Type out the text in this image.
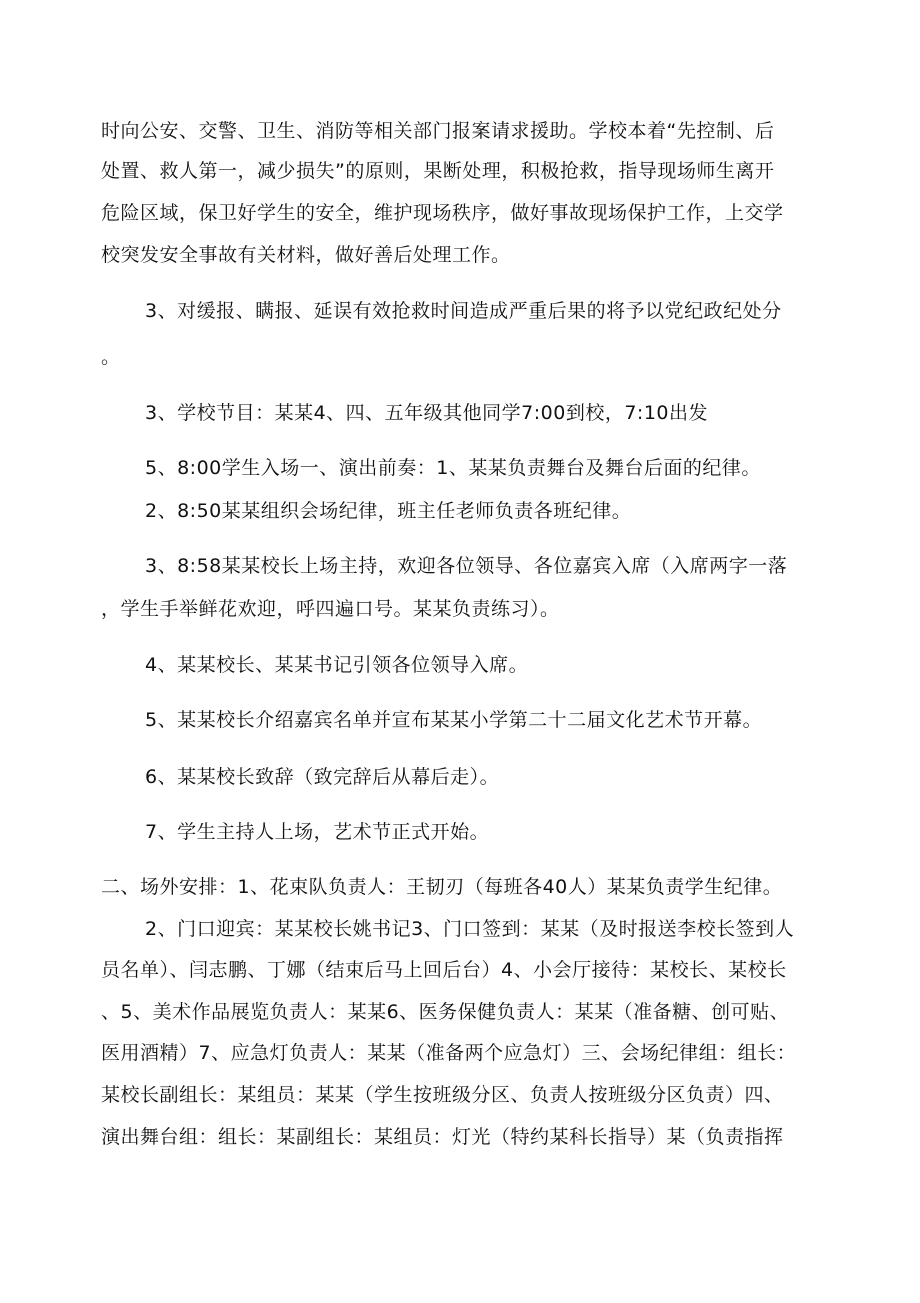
时向公安、交警、卫生、消防等相关部门报案请求援助。学校本着“先控制、后
处置、救人第一，减少损失”的原则，果断处理，积极抢救，指导现场师生离开
危险区域，保卫好学生的安全，维护现场秩序，做好事故现场保护工作，上交学
校突发安全事故有关材料，做好善后处理工作。
3、对缓报、瞒报、延误有效抢救时间造成严重后果的将予以党纪政纪处分
。
3、学校节目：某某4、四、五年级其他同学7:00到校，7:10出发
5、8:00学生入场一、演出前奏：1、某某负责舞台及舞台后面的纪律。
2、8:50某某组织会场纪律，班主任老师负责各班纪律。
3、8:58某某校长上场主持，欢迎各位领导、各位嘉宾入席（入席两字一落
，学生手举鲜花欢迎，呼四遍口号。某某负责练习）。
4、某某校长、某某书记引领各位领导入席。
5、某某校长介绍嘉宾名单并宣布某某小学第二十二届文化艺术节开幕。
6、某某校长致辞（致完辞后从幕后走）。
7、学生主持人上场，艺术节正式开始。
二、场外安排：1、花束队负责人：王韧刃（每班各40人）某某负责学生纪律。
2、门口迎宾：某某校长姚书记3、门口签到：某某（及时报送李校长签到人
员名单）、闫志鹏、丁娜（结束后马上回后台）4、小会厅接待：某校长、某校长
、5、美术作品展览负责人：某某6、医务保健负责人：某某（准备糖、创可贴、
医用酒精）7、应急灯负责人：某某（准备两个应急灯）三、会场纪律组：组长：
某校长副组长：某组员：某某（学生按班级分区、负责人按班级分区负责）四、
演出舞台组：组长：某副组长：某组员：灯光（特约某科长指导）某（负责指挥
